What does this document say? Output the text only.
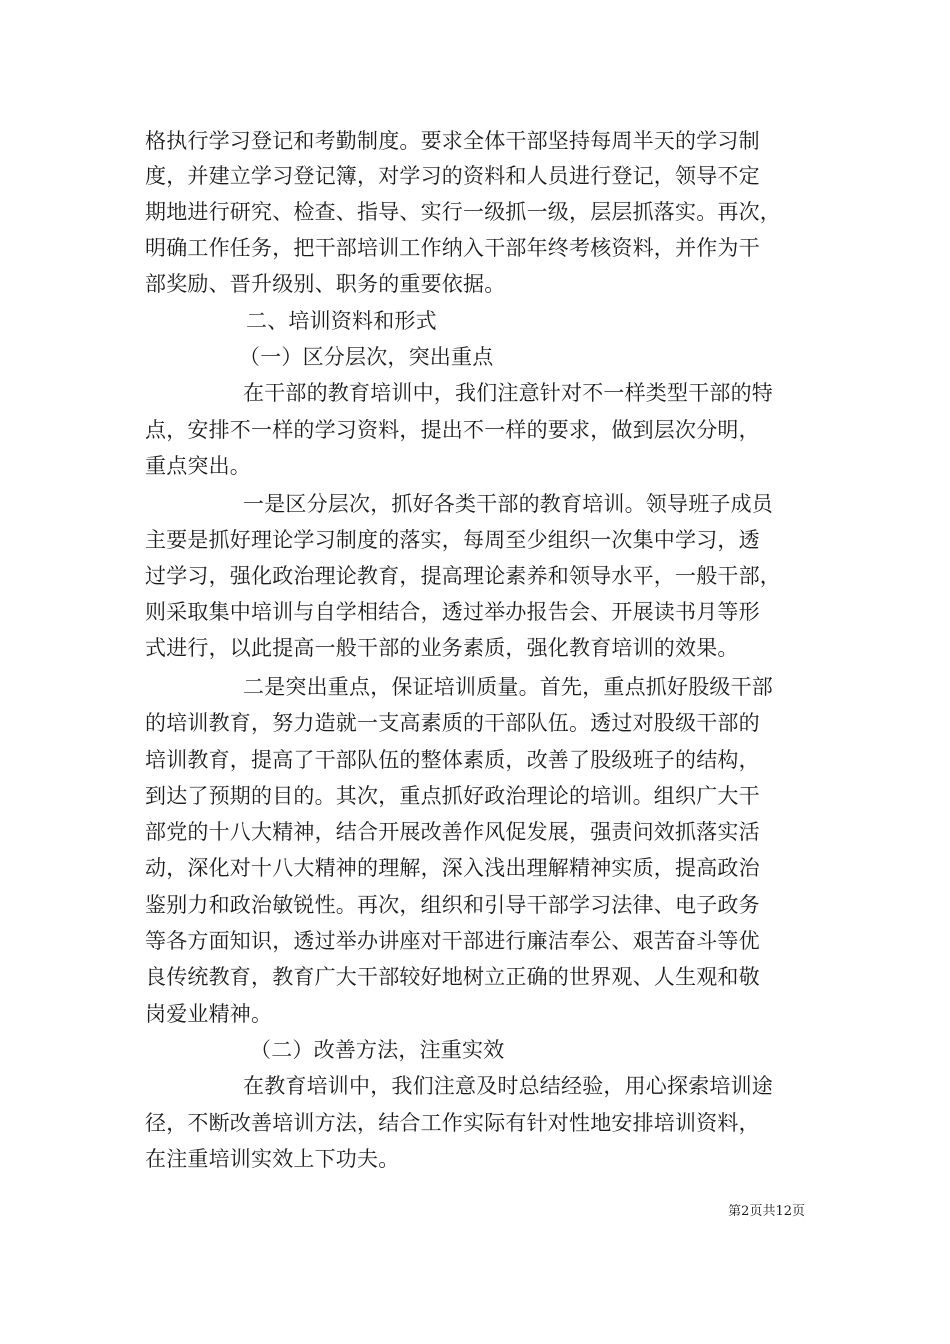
格执行学习登记和考勤制度。要求全体干部坚持每周半天的学习制
度，并建立学习登记簿，对学习的资料和人员进行登记，领导不定
期地进行研究、检查、指导、实行一级抓一级，层层抓落实。再次，
明确工作任务，把干部培训工作纳入干部年终考核资料，并作为干
部奖励、晋升级别、职务的重要依据。
二、培训资料和形式
（一）区分层次，突出重点
在干部的教育培训中，我们注意针对不一样类型干部的特
点，安排不一样的学习资料，提出不一样的要求，做到层次分明，
重点突出。
一是区分层次，抓好各类干部的教育培训。领导班子成员
主要是抓好理论学习制度的落实，每周至少组织一次集中学习，透
过学习，强化政治理论教育，提高理论素养和领导水平，一般干部，
则采取集中培训与自学相结合，透过举办报告会、开展读书月等形
式进行，以此提高一般干部的业务素质，强化教育培训的效果。
二是突出重点，保证培训质量。首先，重点抓好股级干部
的培训教育，努力造就一支高素质的干部队伍。透过对股级干部的
培训教育，提高了干部队伍的整体素质，改善了股级班子的结构，
到达了预期的目的。其次，重点抓好政治理论的培训。组织广大干
部党的十八大精神，结合开展改善作风促发展，强责问效抓落实活
动，深化对十八大精神的理解，深入浅出理解精神实质，提高政治
鉴别力和政治敏锐性。再次，组织和引导干部学习法律、电子政务
等各方面知识，透过举办讲座对干部进行廉洁奉公、艰苦奋斗等优
良传统教育，教育广大干部较好地树立正确的世界观、人生观和敬
岗爱业精神。
（二）改善方法，注重实效
在教育培训中，我们注意及时总结经验，用心探索培训途
径，不断改善培训方法，结合工作实际有针对性地安排培训资料，
在注重培训实效上下功夫。
第2页共12页
